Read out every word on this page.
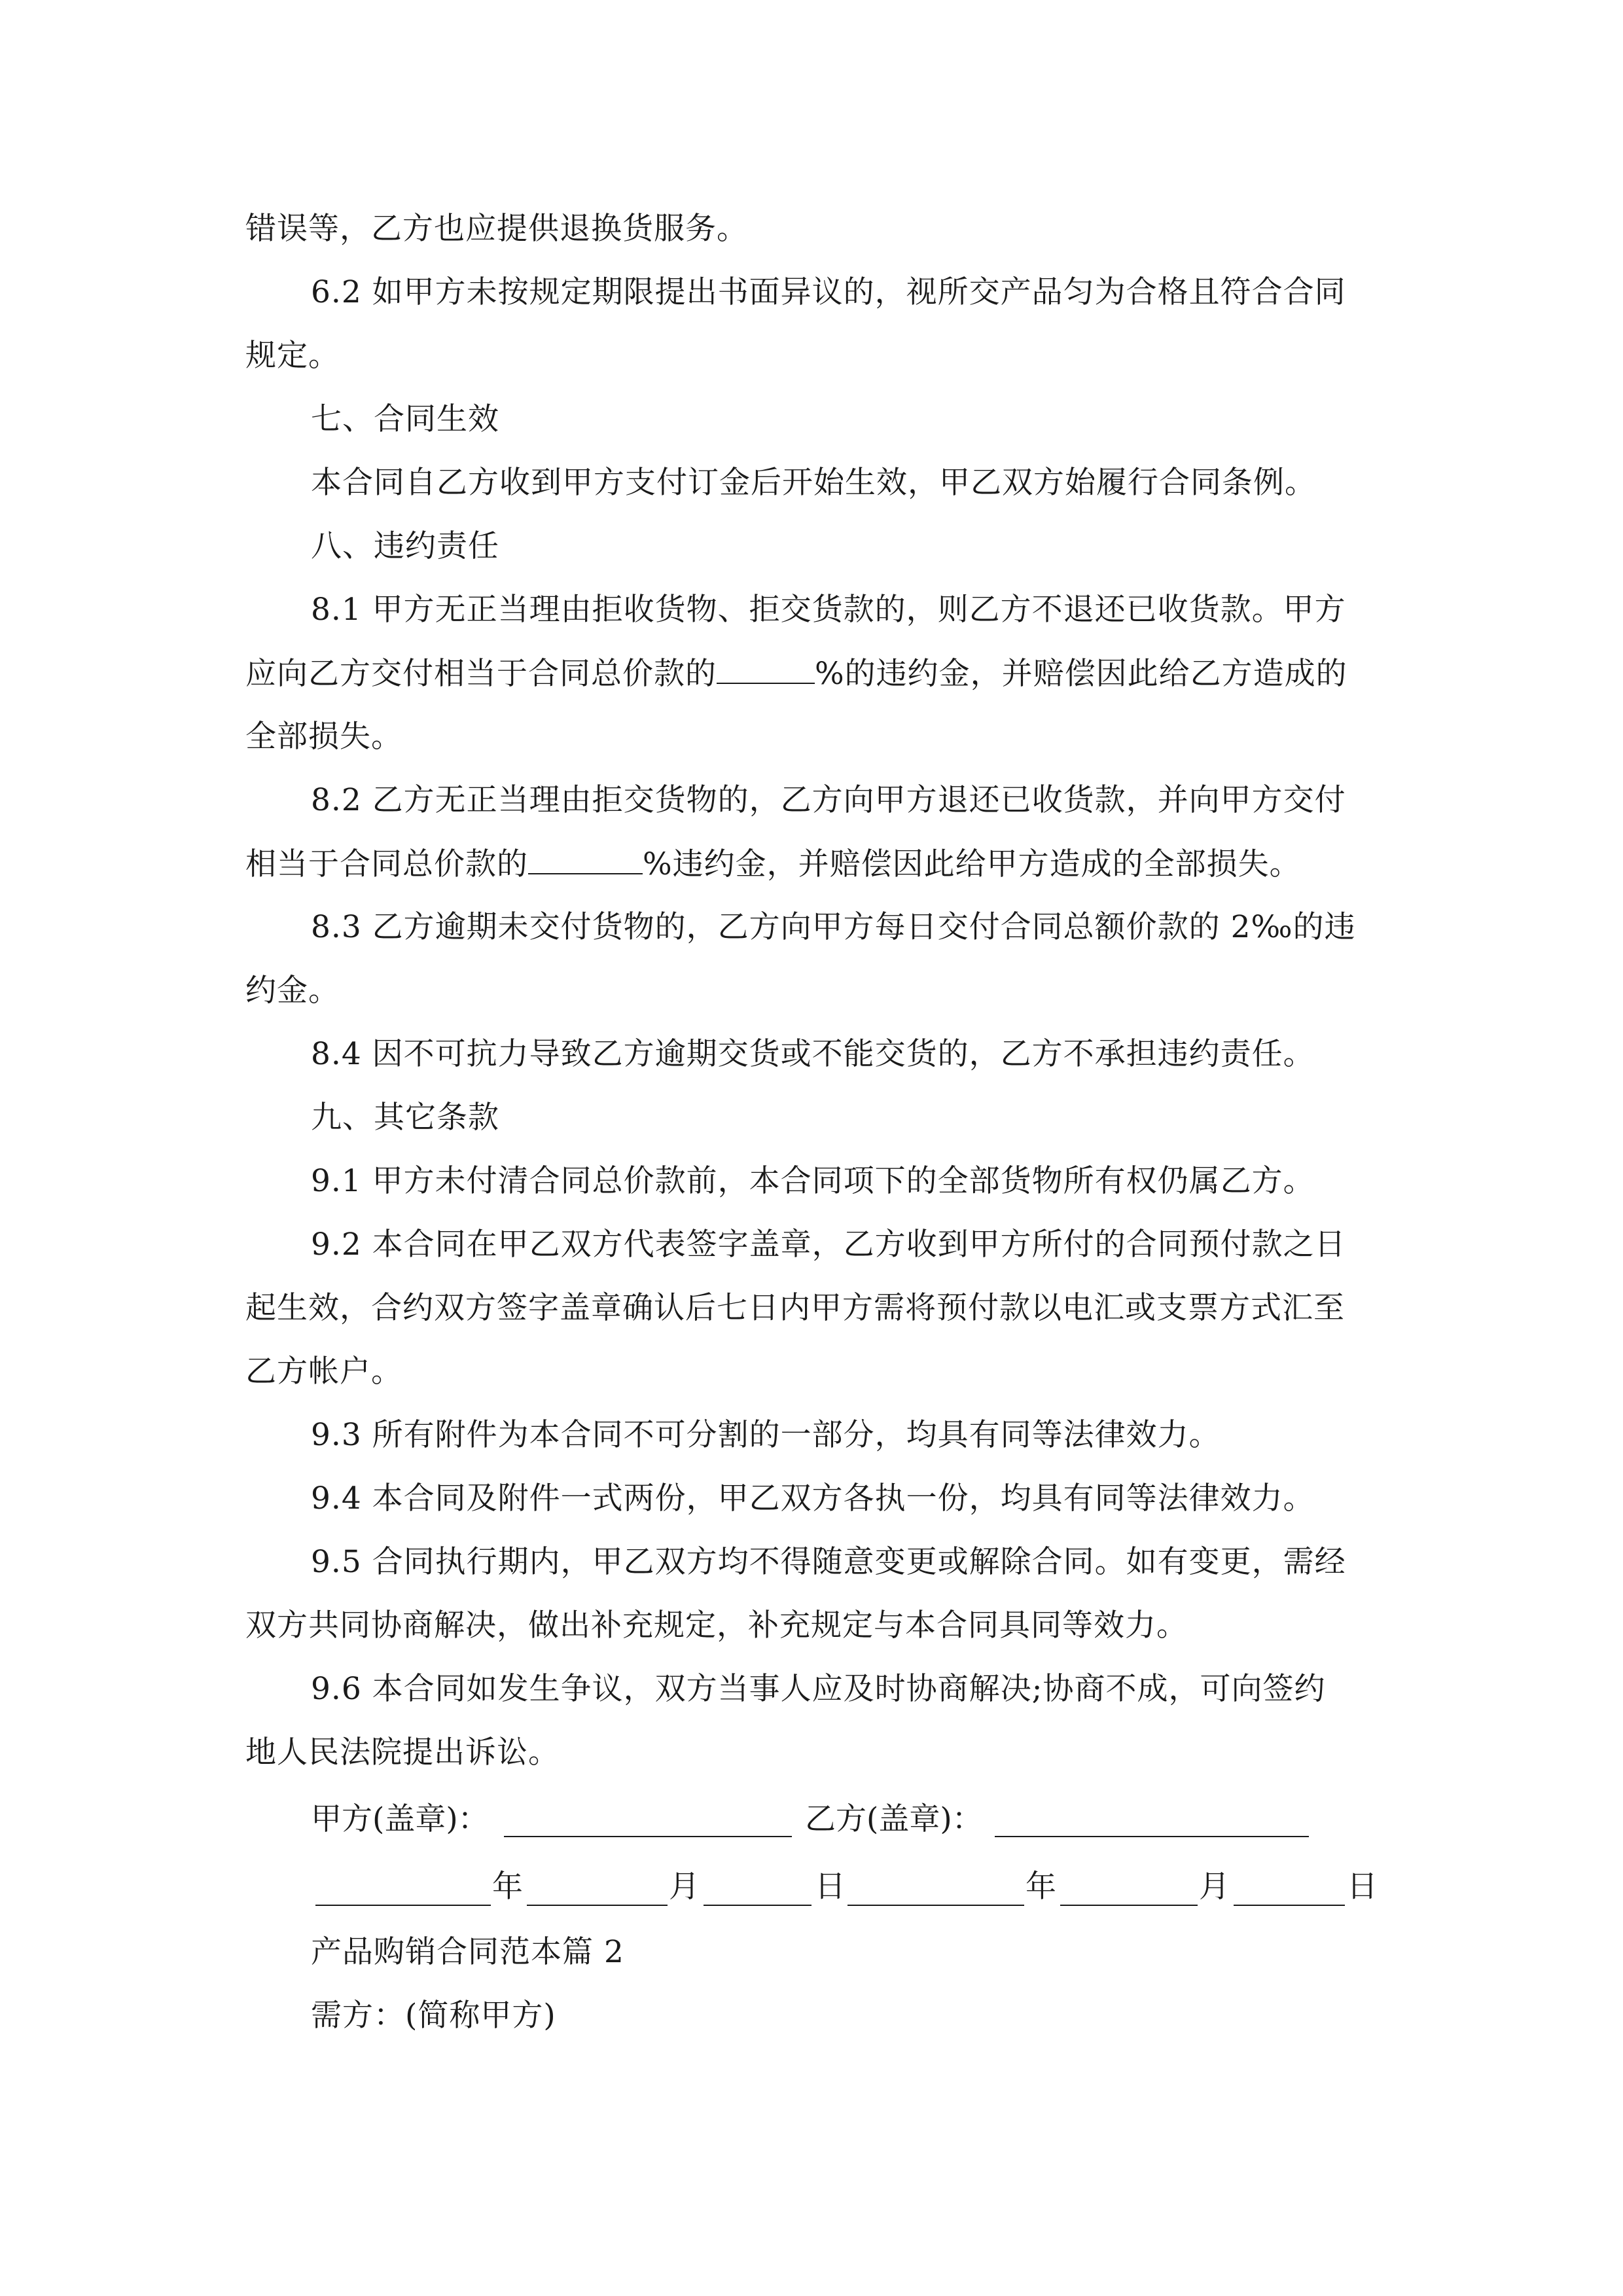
错误等，乙方也应提供退换货服务。
6.2 如甲方未按规定期限提出书面异议的，视所交产品匀为合格且符合合同
规定。
七、合同生效
本合同自乙方收到甲方支付订金后开始生效，甲乙双方始履行合同条例。
八、违约责任
8.1 甲方无正当理由拒收货物、拒交货款的，则乙方不退还已收货款。甲方
应向乙方交付相当于合同总价款的	%的违约金，并赔偿因此给乙方造成的
全部损失。
8.2 乙方无正当理由拒交货物的，乙方向甲方退还已收货款，并向甲方交付
相当于合同总价款的	%违约金，并赔偿因此给甲方造成的全部损失。
8.3 乙方逾期未交付货物的，乙方向甲方每日交付合同总额价款的 2‰的违
约金。
8.4 因不可抗力导致乙方逾期交货或不能交货的，乙方不承担违约责任。
九、其它条款
9.1 甲方未付清合同总价款前，本合同项下的全部货物所有权仍属乙方。
9.2 本合同在甲乙双方代表签字盖章，乙方收到甲方所付的合同预付款之日
起生效，合约双方签字盖章确认后七日内甲方需将预付款以电汇或支票方式汇至
乙方帐户。
9.3 所有附件为本合同不可分割的一部分，均具有同等法律效力。
9.4 本合同及附件一式两份，甲乙双方各执一份，均具有同等法律效力。
9.5 合同执行期内，甲乙双方均不得随意变更或解除合同。如有变更，需经
双方共同协商解决，做出补充规定，补充规定与本合同具同等效力。
9.6 本合同如发生争议，双方当事人应及时协商解决;协商不成，可向签约
地人民法院提出诉讼。
甲方(盖章)：	乙方(盖章)：
年	月	日	年	月	日
产品购销合同范本篇 2
需方：(简称甲方)
